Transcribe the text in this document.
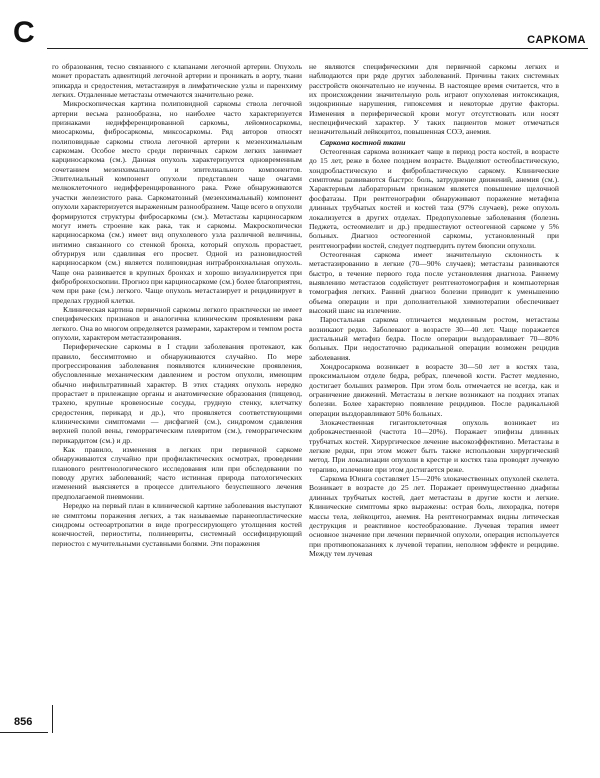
С	САРКОМА

го образования, тесно связанного с клапанами легочной артерии. Опухоль может прорастать адвентиций легочной артерии и проникать в аорту, ткани эпикарда и средостения, метастазируя в лимфатические узлы и паренхиму легких. Отдаленные метастазы отмечаются значительно реже.

Микроскопическая картина полиповидной саркомы ствола легочной артерии весьма разнообразна, но наиболее часто характеризуется признаками недифференцированной саркомы, лейомиосаркомы, миосаркомы, фибросаркомы, миксосаркомы. Ряд авторов относят полиповидные саркомы ствола легочной артерии к мезенхимальным саркомам. Особое место среди первичных сарком легких занимает карциносаркома (см.). Данная опухоль характеризуется одновременным сочетанием мезенхимального и эпителиального компонентов. Эпителиальный компонент опухоли представлен чаще очагами мелкоклеточного недифференцированного рака. Реже обнаруживаются участки железистого рака. Саркоматозный (мезенхимальный) компонент опухоли характеризуется выраженным разнообразием. Чаще всего в опухоли формируются структуры фибросаркомы (см.). Метастазы карциносарком могут иметь строение как рака, так и саркомы. Макроскопически карциносаркома (см.) имеет вид опухолевого узла различной величины, интимно связанного со стенкой бронха, который опухоль прорастает, обтурируя или сдавливая его просвет. Одной из разновидностей карциносарком (см.) является полиповидная интрабронхиальная опухоль. Чаще она развивается в крупных бронхах и хорошо визуализируется при фибробронхоскопии. Прогноз при карциносаркоме (см.) более благоприятен, чем при раке (см.) легкого. Чаще опухоль метастазирует и рецидивирует в пределах грудной клетки.

Клиническая картина первичной саркомы легкого практически не имеет специфических признаков и аналогична клиническим проявлениям рака легкого. Она во многом определяется размерами, характером и темпом роста опухоли, характером метастазирования.

Периферические саркомы в I стадии заболевания протекают, как правило, бессимптомно и обнаруживаются случайно. По мере прогрессирования заболевания появляются клинические проявления, обусловленные механическим давлением и ростом опухоли, имеющим обычно инфильтративный характер. В этих стадиях опухоль нередко прорастает в прилежащие органы и анатомические образования (пищевод, трахею, крупные кровеносные сосуды, грудную стенку, клетчатку средостения, перикард и др.), что проявляется соответствующими клиническими симптомами — дисфагией (см.), синдромом сдавления верхней полой вены, геморрагическим плевритом (см.), геморрагическим перикардитом (см.) и др.

Как правило, изменения в легких при первичной саркоме обнаруживаются случайно при профилактических осмотрах, проведении планового рентгенологического исследования или при обследовании по поводу других заболеваний; часто истинная природа патологических изменений выясняется в процессе длительного безуспешного лечения предполагаемой пневмонии.

Нередко на первый план в клинической картине заболевания выступают не симптомы поражения легких, а так называемые паранеопластические синдромы остеоартропатии в виде прогрессирующего утолщения костей конечностей, периоститы, полиневриты, системный оссифицирующий периостоз с мучительными суставными болями. Эти поражения

не являются специфическими для первичной саркомы легких и наблюдаются при ряде других заболеваний. Причины таких системных расстройств окончательно не изучены. В настоящее время считается, что в их происхождении значительную роль играют опухолевая интоксикация, эндокринные нарушения, гипоксемия и некоторые другие факторы. Изменения в периферической крови могут отсутствовать или носят неспецифический характер. У таких пациентов может отмечаться незначительный лейкоцитоз, повышенная СОЭ, анемия.

Саркома костной ткани

Остеогенная саркома возникает чаще в период роста костей, в возрасте до 15 лет, реже в более позднем возрасте. Выделяют остеобластическую, хондробластическую и фибробластическую саркому. Клинические симптомы развиваются быстро: боль, затруднение движений, анемия (см.). Характерным лабораторным признаком является повышение щелочной фосфатазы. При рентгенографии обнаруживают поражение метафиза длинных трубчатых костей и костей таза (97% случаев), реже опухоль локализуется в других отделах. Предопухолевые заболевания (болезнь Педжета, остеомиелит и др.) предшествуют остеогенной саркоме у 5% больных. Диагноз остеогенной саркомы, установленный при рентгенографии костей, следует подтвердить путем биопсии опухоли.

Остеогенная саркома имеет значительную склонность к метастазированию в легкие (70—90% случаев); метастазы развиваются быстро, в течение первого года после установления диагноза. Раннему выявлению метастазов содействует рентгенотомография и компьютерная томография легких. Ранний диагноз болезни приводит к уменьшению объема операции и при дополнительной химиотерапии обеспечивает высокий шанс на излечение.

Паростальная саркома отличается медленным ростом, метастазы возникают редко. Заболевают в возрасте 30—40 лет. Чаще поражается дистальный метафиз бедра. После операции выздоравливает 70—80% больных. При недостаточно радикальной операции возможен рецидив заболевания.

Хондросаркома возникает в возрасте 30—50 лет в костях таза, проксимальном отделе бедра, ребрах, плечевой кости. Растет медленно, достигает больших размеров. При этом боль отмечается не всегда, как и ограничение движений. Метастазы в легкие возникают на поздних этапах болезни. Более характерно появление рецидивов. После радикальной операции выздоравливают 50% больных.

Злокачественная гигантоклеточная опухоль возникает из доброкачественной (частота 10—20%). Поражает эпифизы длинных трубчатых костей. Хирургическое лечение высокоэффективно. Метастазы в легкие редки, при этом может быть также использован хирургический метод. При локализации опухоли в крестце и костях таза проводят лучевую терапию, излечение при этом достигается реже.

Саркома Юинга составляет 15—20% злокачественных опухолей скелета. Возникает в возрасте до 25 лет. Поражает преимущественно диафизы длинных трубчатых костей, дает метастазы в другие кости и легкие. Клинические симптомы ярко выражены: острая боль, лихорадка, потеря массы тела, лейкоцитоз, анемия. На рентгенограммах видны литическая деструкция и реактивное костеобразование. Лучевая терапия имеет основное значение при лечении первичной опухоли, операция используется при противопоказаниях к лучевой терапии, неполном эффекте и рецидиве. Между тем лучевая

856
